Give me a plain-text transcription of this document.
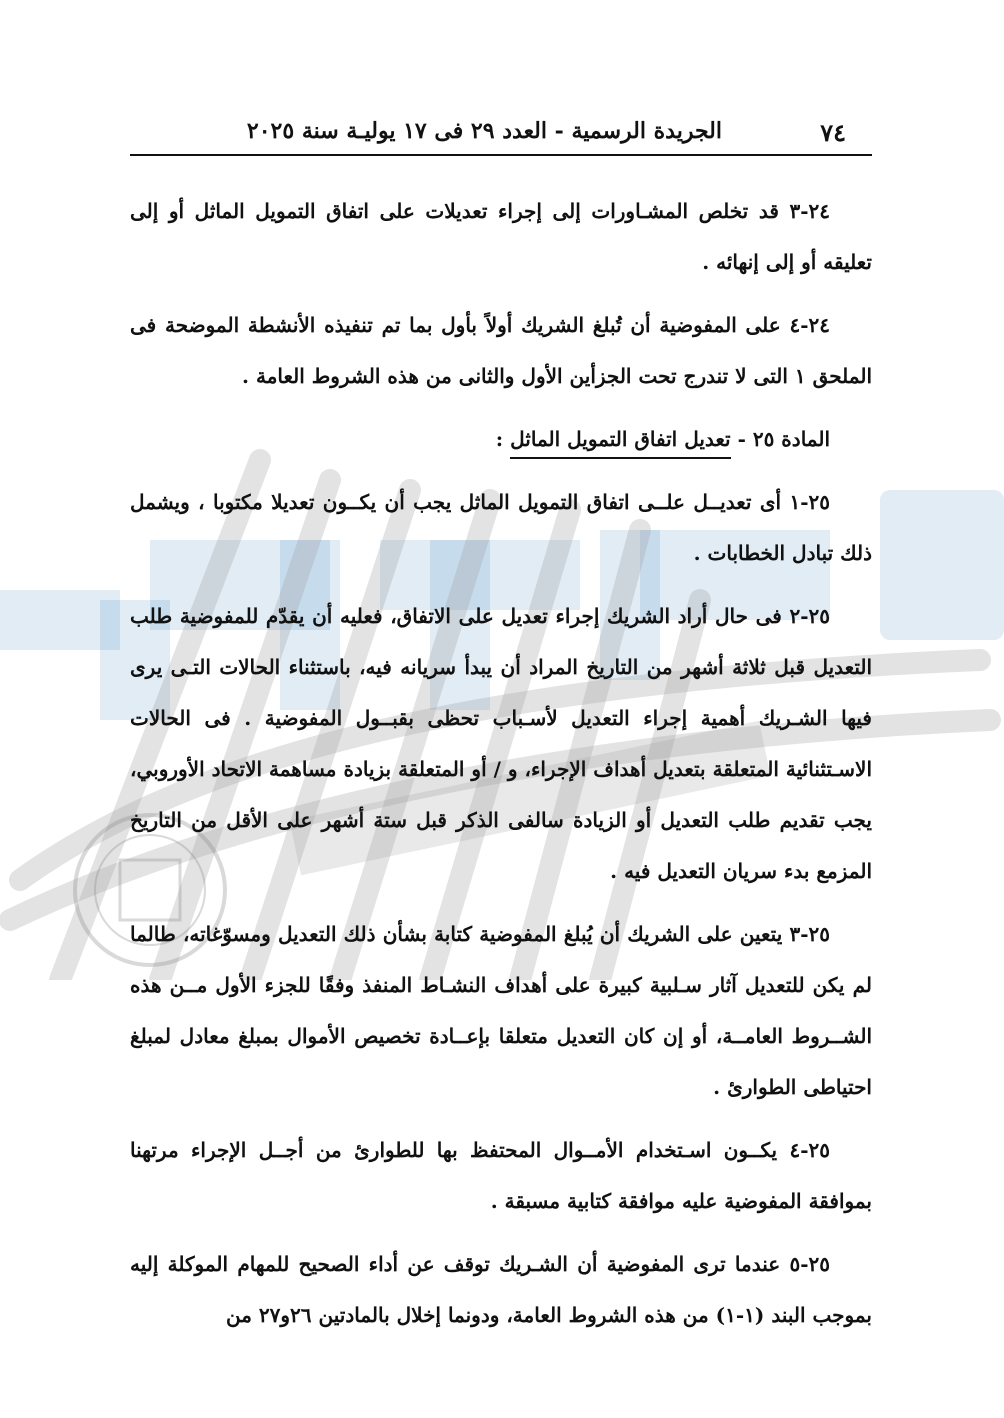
٧٤
الجريدة الرسمية - العدد ٢٩ فى ١٧ يوليـة سنة ٢٠٢٥

٢٤-٣ قد تخلص المشـاورات إلى إجراء تعديلات على اتفاق التمويل الماثل أو إلى تعليقه أو إلى إنهائه .

٢٤-٤ على المفوضية أن تُبلغ الشريك أولاً بأول بما تم تنفيذه الأنشطة الموضحة فى الملحق ١ التى لا تندرج تحت الجزأين الأول والثانى من هذه الشروط العامة .

المادة ٢٥ - تعديل اتفاق التمويل الماثل :

٢٥-١ أى تعديــل علــى اتفاق التمويل الماثل يجب أن يكــون تعديلا مكتوبا ، ويشمل ذلك تبادل الخطابات .

٢٥-٢ فى حال أراد الشريك إجراء تعديل على الاتفاق، فعليه أن يقدّم للمفوضية طلب التعديل قبل ثلاثة أشهر من التاريخ المراد أن يبدأ سريانه فيه، باستثناء الحالات التـى يرى فيها الشـريك أهمية إجراء التعديل لأسـباب تحظى بقبــول المفوضية . فى الحالات الاسـتثنائية المتعلقة بتعديل أهداف الإجراء، و / أو المتعلقة بزيادة مساهمة الاتحاد الأوروبي، يجب تقديم طلب التعديل أو الزيادة سالفى الذكر قبل ستة أشهر على الأقل من التاريخ المزمع بدء سريان التعديل فيه .

٢٥-٣ يتعين على الشريك أن يُبلغ المفوضية كتابة بشأن ذلك التعديل ومسوّغاته، طالما لم يكن للتعديل آثار سـلبية كبيرة على أهداف النشـاط المنفذ وفقًا للجزء الأول مــن هذه الشــروط العامــة، أو إن كان التعديل متعلقا بإعــادة تخصيص الأموال بمبلغ معادل لمبلغ احتياطى الطوارئ .

٢٥-٤ يكــون اسـتخدام الأمــوال المحتفظ بها للطوارئ من أجــل الإجراء مرتهنا بموافقة المفوضية عليه موافقة كتابية مسبقة .

٢٥-٥ عندما ترى المفوضية أن الشـريك توقف عن أداء الصحيح للمهام الموكلة إليه بموجب البند (١-١) من هذه الشروط العامة، ودونما إخلال بالمادتين ٢٦و٢٧ من
